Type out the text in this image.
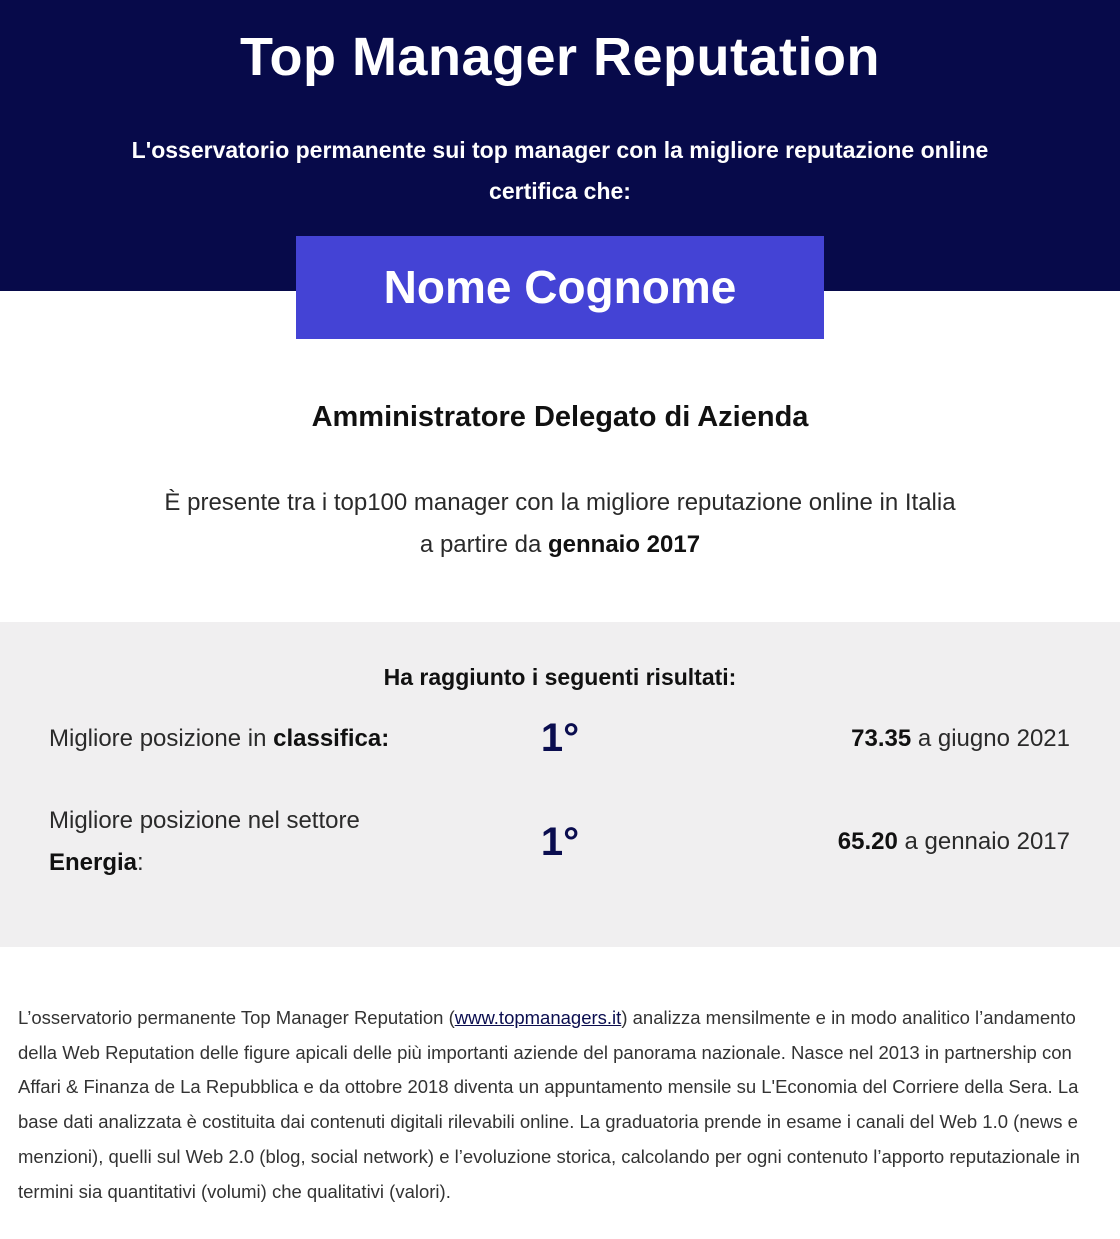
Top Manager Reputation

L'osservatorio permanente sui top manager con la migliore reputazione online certifica che:

Nome Cognome
Amministratore Delegato di Azienda
È presente tra i top100 manager con la migliore reputazione online in Italia
a partire da gennaio 2017
Ha raggiunto i seguenti risultati:
Migliore posizione in classifica:	1°	73.35 a giugno 2021
Migliore posizione nel settore Energia:	1°	65.20 a gennaio 2017

L’osservatorio permanente Top Manager Reputation (www.topmanagers.it) analizza mensilmente e in modo analitico l’andamento della Web Reputation delle figure apicali delle più importanti aziende del panorama nazionale. Nasce nel 2013 in partnership con Affari & Finanza de La Repubblica e da ottobre 2018 diventa un appuntamento mensile su L'Economia del Corriere della Sera. La base dati analizzata è costituita dai contenuti digitali rilevabili online. La graduatoria prende in esame i canali del Web 1.0 (news e menzioni), quelli sul Web 2.0 (blog, social network) e l’evoluzione storica, calcolando per ogni contenuto l’apporto reputazionale in termini sia quantitativi (volumi) che qualitativi (valori).
